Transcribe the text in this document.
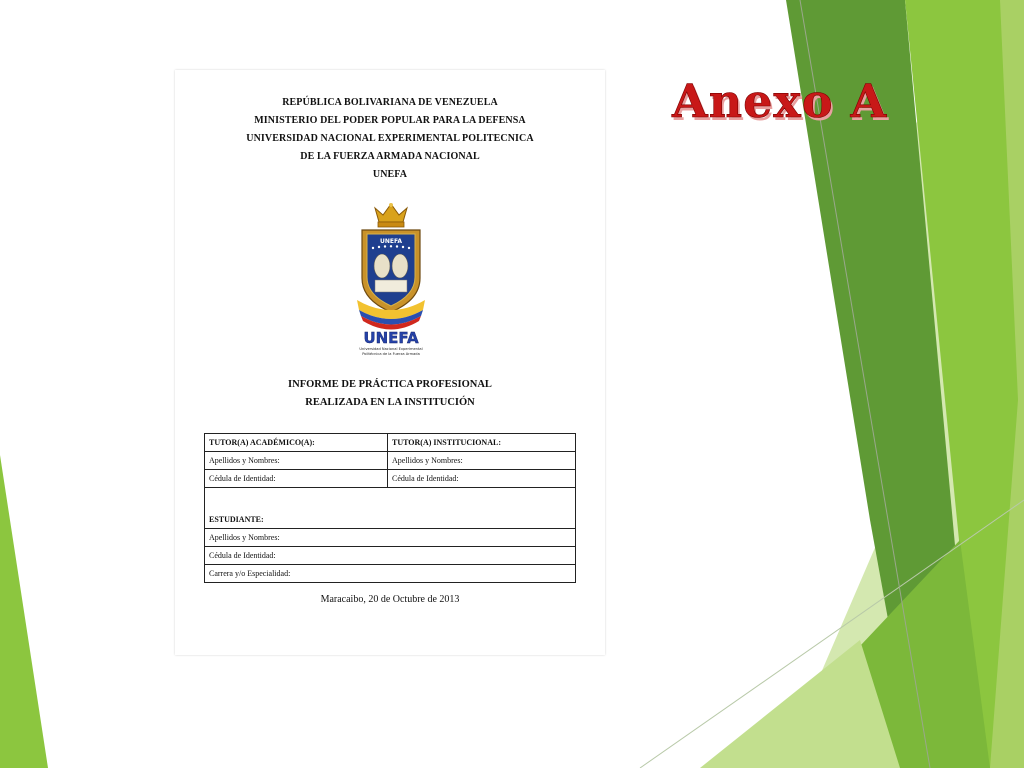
Anexo A
REPÚBLICA BOLIVARIANA DE VENEZUELA
MINISTERIO DEL PODER POPULAR PARA LA DEFENSA
UNIVERSIDAD NACIONAL EXPERIMENTAL POLITECNICA
DE LA FUERZA ARMADA NACIONAL
UNEFA
UNEFA
UNEFA
Universidad Nacional Experimental
Politécnica de la Fuerza Armada
INFORME DE PRÁCTICA PROFESIONAL
REALIZADA EN LA INSTITUCIÓN
TUTOR(A) ACADÉMICO(A):	TUTOR(A) INSTITUCIONAL:
Apellidos y Nombres:	Apellidos y Nombres:
Cédula de Identidad:	Cédula de Identidad:
ESTUDIANTE:	
Apellidos y Nombres:	
Cédula de Identidad:	
Carrera y/o Especialidad:	
Maracaibo, 20 de Octubre de 2013
